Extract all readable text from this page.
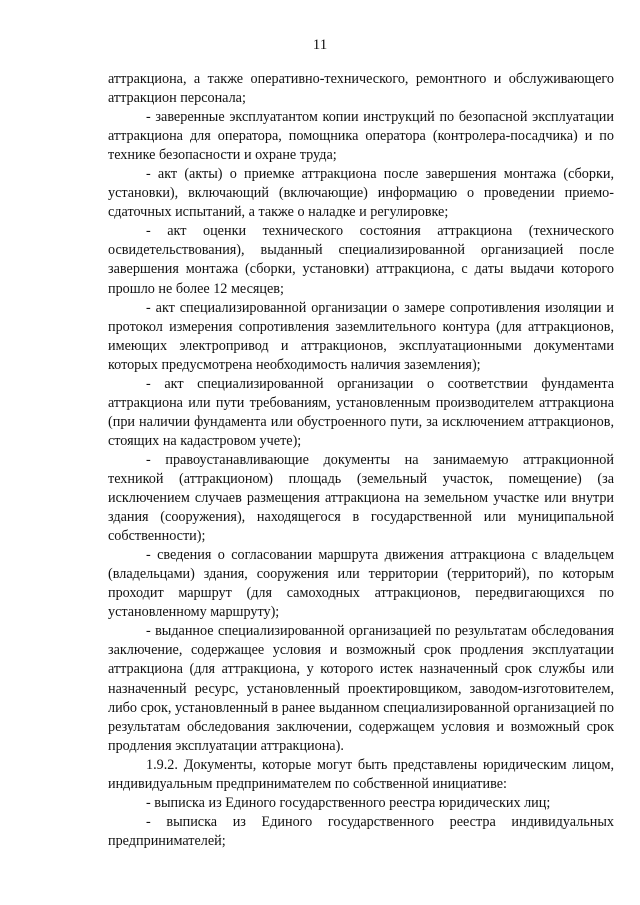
11

аттракциона, а также оперативно-технического, ремонтного и обслуживающего аттракцион персонала;

- заверенные эксплуатантом копии инструкций по безопасной эксплуатации аттракциона для оператора, помощника оператора (контролера-посадчика) и по технике безопасности и охране труда;

- акт (акты) о приемке аттракциона после завершения монтажа (сборки, установки), включающий (включающие) информацию о проведении приемо-сдаточных испытаний, а также о наладке и регулировке;

- акт оценки технического состояния аттракциона (технического освидетельствования), выданный специализированной организацией после завершения монтажа (сборки, установки) аттракциона, с даты выдачи которого прошло не более 12 месяцев;

- акт специализированной организации о замере сопротивления изоляции и протокол измерения сопротивления заземлительного контура (для аттракционов, имеющих электропривод и аттракционов, эксплуатационными документами которых предусмотрена необходимость наличия заземления);

- акт специализированной организации о соответствии фундамента аттракциона или пути требованиям, установленным производителем аттракциона (при наличии фундамента или обустроенного пути, за исключением аттракционов, стоящих на кадастровом учете);

- правоустанавливающие документы на занимаемую аттракционной техникой (аттракционом) площадь (земельный участок, помещение) (за исключением случаев размещения аттракциона на земельном участке или внутри здания (сооружения), находящегося в государственной или муниципальной собственности);

- сведения о согласовании маршрута движения аттракциона с владельцем (владельцами) здания, сооружения или территории (территорий), по которым проходит маршрут (для самоходных аттракционов, передвигающихся по установленному маршруту);

- выданное специализированной организацией по результатам обследования заключение, содержащее условия и возможный срок продления эксплуатации аттракциона (для аттракциона, у которого истек назначенный срок службы или назначенный ресурс, установленный проектировщиком, заводом-изготовителем, либо срок, установленный в ранее выданном специализированной организацией по результатам обследования заключении, содержащем условия и возможный срок продления эксплуатации аттракциона).

1.9.2. Документы, которые могут быть представлены юридическим лицом, индивидуальным предпринимателем по собственной инициативе:

- выписка из Единого государственного реестра юридических лиц;

- выписка из Единого государственного реестра индивидуальных предпринимателей;
